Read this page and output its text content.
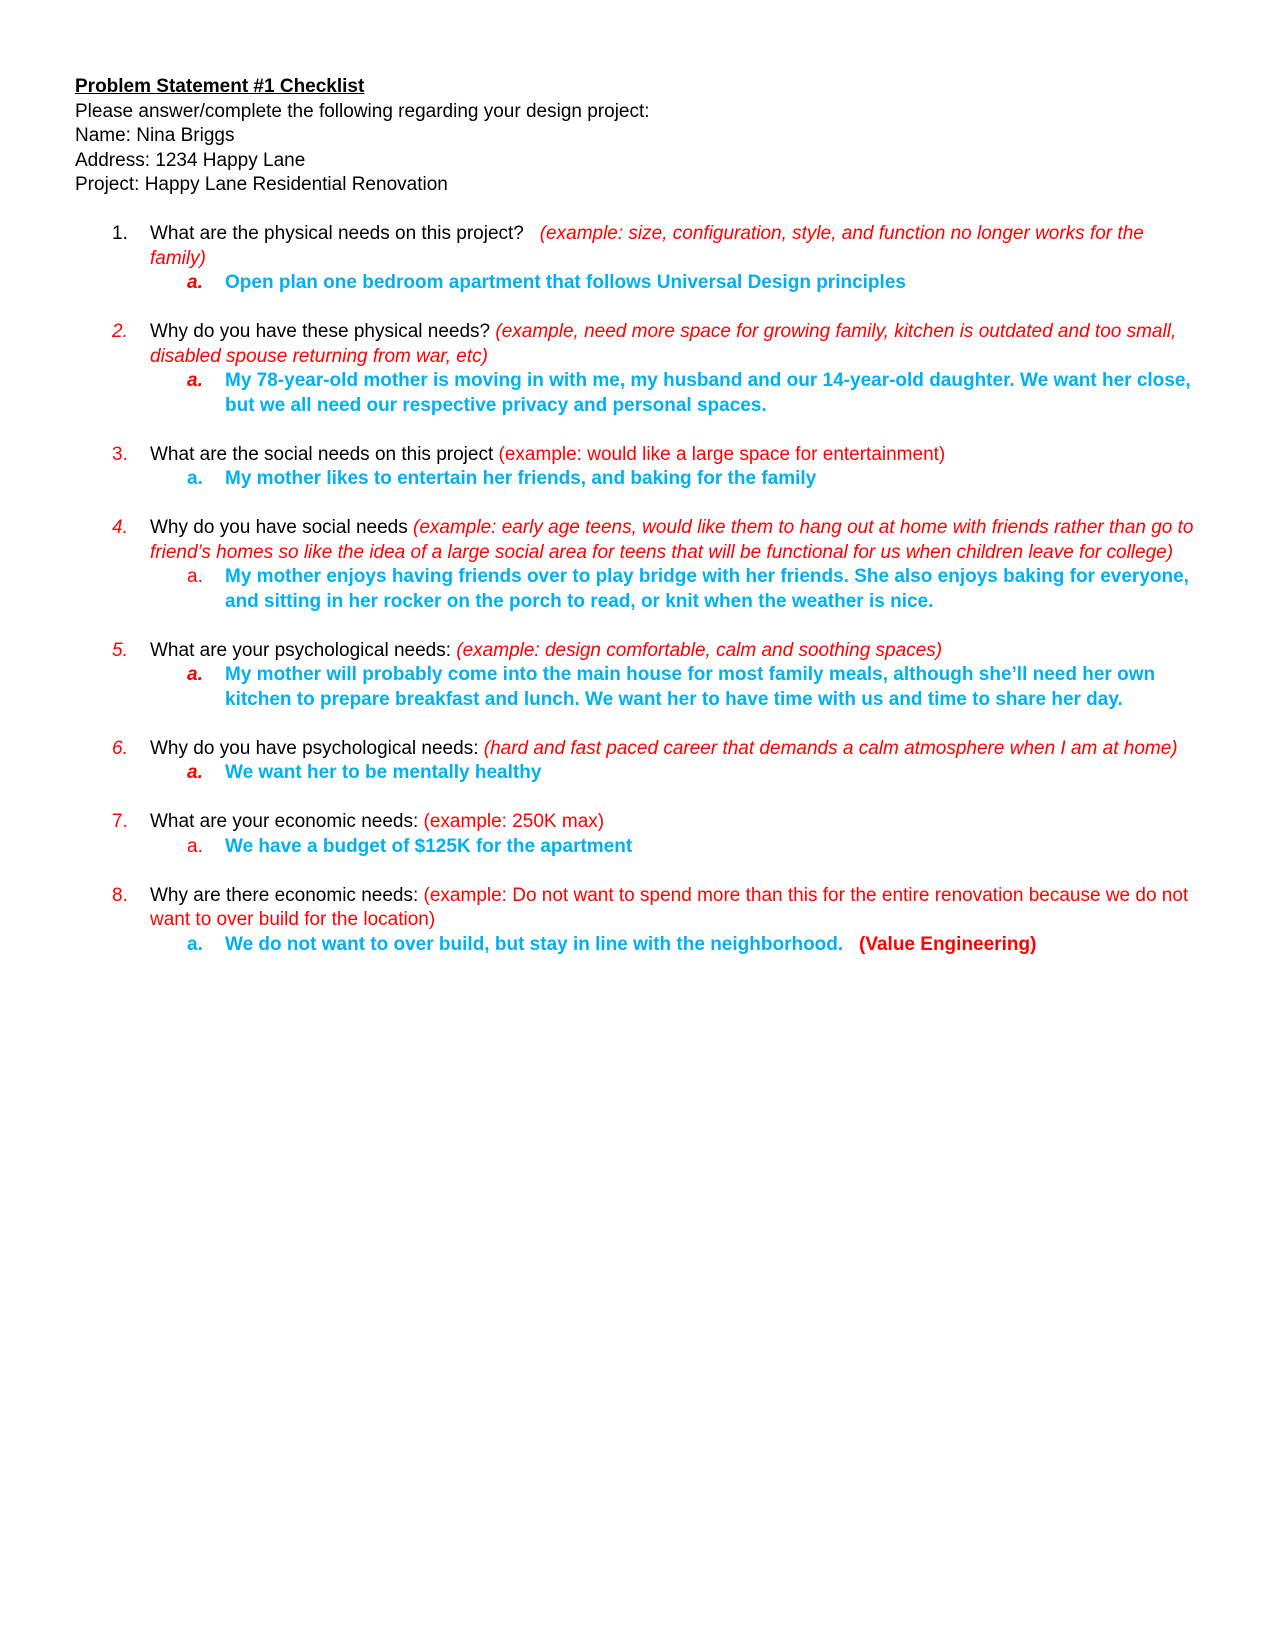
Problem Statement #1 Checklist
Please answer/complete the following regarding your design project:
Name: Nina Briggs
Address: 1234 Happy Lane
Project: Happy Lane Residential Renovation
1. What are the physical needs on this project? (example: size, configuration, style, and function no longer works for the family)
a. Open plan one bedroom apartment that follows Universal Design principles
2. Why do you have these physical needs? (example, need more space for growing family, kitchen is outdated and too small, disabled spouse returning from war, etc)
a. My 78-year-old mother is moving in with me, my husband and our 14-year-old daughter. We want her close, but we all need our respective privacy and personal spaces.
3. What are the social needs on this project (example: would like a large space for entertainment)
a. My mother likes to entertain her friends, and baking for the family
4. Why do you have social needs (example: early age teens, would like them to hang out at home with friends rather than go to friend’s homes so like the idea of a large social area for teens that will be functional for us when children leave for college)
a. My mother enjoys having friends over to play bridge with her friends. She also enjoys baking for everyone, and sitting in her rocker on the porch to read, or knit when the weather is nice.
5. What are your psychological needs: (example: design comfortable, calm and soothing spaces)
a. My mother will probably come into the main house for most family meals, although she’ll need her own kitchen to prepare breakfast and lunch. We want her to have time with us and time to share her day.
6. Why do you have psychological needs: (hard and fast paced career that demands a calm atmosphere when I am at home)
a. We want her to be mentally healthy
7. What are your economic needs: (example: 250K max)
a. We have a budget of $125K for the apartment
8. Why are there economic needs: (example: Do not want to spend more than this for the entire renovation because we do not want to over build for the location)
a. We do not want to over build, but stay in line with the neighborhood. (Value Engineering)
